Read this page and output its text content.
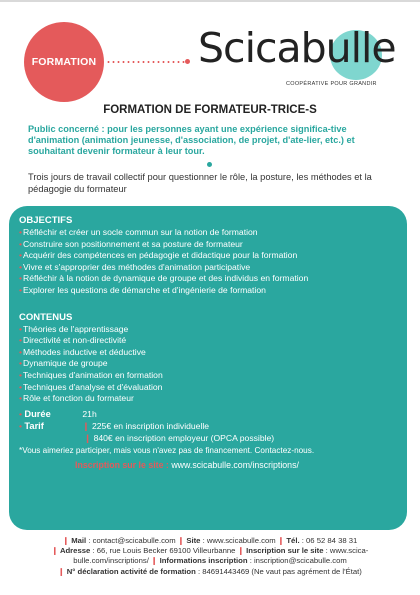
FORMATION Scicabulle
COOPÉRATIVE POUR GRANDIR
FORMATION DE FORMATEUR-TRICE-S
Public concerné : pour les personnes ayant une expérience significa-tive d'animation (animation jeunesse, d'association, de projet, d'ate-lier, etc.) et souhaitant devenir formateur à leur tour.
Trois jours de travail collectif pour questionner le rôle, la posture, les méthodes et la pédagogie du formateur
OBJECTIFS
•Réfléchir et créer un socle commun sur la notion de formation
•Construire son positionnement et sa posture de formateur
•Acquérir des compétences en pédagogie et didactique pour la formation
•Vivre et s'approprier des méthodes d'animation participative
•Réfléchir à la notion de dynamique de groupe et des individus en formation
•Explorer les questions de démarche et d'ingénierie de formation
CONTENUS
•Théories de l'apprentissage
•Directivité et non-directivité
•Méthodes inductive et déductive
•Dynamique de groupe
•Techniques d'animation en formation
•Techniques d'analyse et d'évaluation
•Rôle et fonction du formateur
• Durée	21h
• Tarif	❙ 225€ en inscription individuelle
❙ 840€ en inscription employeur (OPCA possible)
*Vous aimeriez participer, mais vous n'avez pas de financement. Contactez-nous.
Inscription sur le site : www.scicabulle.com/inscriptions/
❙ Mail : contact@scicabulle.com ❙ Site : www.scicabulle.com ❙ Tél. : 06 52 84 38 31
❙ Adresse : 66, rue Louis Becker 69100 Villeurbanne ❙ Inscription sur le site : www.scica-bulle.com/inscriptions/ ❙ Informations inscription : inscription@scicabulle.com
❙ N° déclaration activité de formation : 84691443469 (Ne vaut pas agrément de l'État)
